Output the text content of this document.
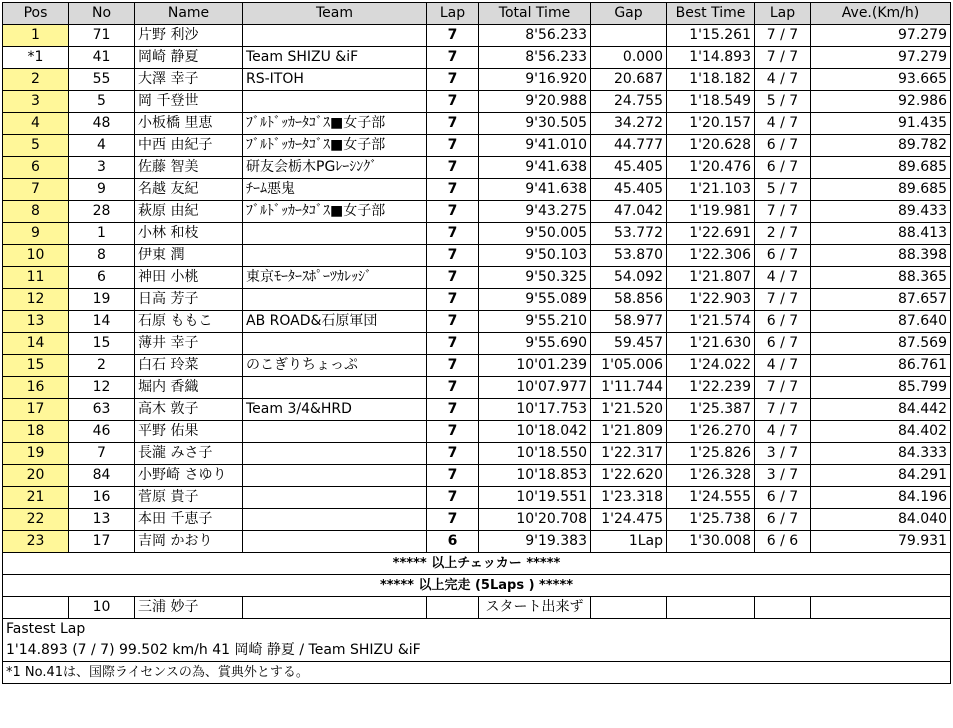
Pos	No	Name	Team	Lap	Total Time	Gap	Best Time	Lap	Ave.(Km/h)
1	71	片野 利沙		7	8'56.233		1'15.261	7 / 7	97.279
*1	41	岡崎 静夏	Team SHIZU &iF	7	8'56.233	0.000	1'14.893	7 / 7	97.279
2	55	大澤 幸子	RS-ITOH	7	9'16.920	20.687	1'18.182	4 / 7	93.665
3	5	岡 千登世		7	9'20.988	24.755	1'18.549	5 / 7	92.986
4	48	小板橋 里恵	ﾌﾞﾙﾄﾞｯｶｰﾀｺﾞｽ■女子部	7	9'30.505	34.272	1'20.157	4 / 7	91.435
5	4	中西 由紀子	ﾌﾞﾙﾄﾞｯｶｰﾀｺﾞｽ■女子部	7	9'41.010	44.777	1'20.628	6 / 7	89.782
6	3	佐藤 智美	研友会栃木PGﾚｰｼﾝｸﾞ	7	9'41.638	45.405	1'20.476	6 / 7	89.685
7	9	名越 友紀	ﾁｰﾑ悪鬼	7	9'41.638	45.405	1'21.103	5 / 7	89.685
8	28	萩原 由紀	ﾌﾞﾙﾄﾞｯｶｰﾀｺﾞｽ■女子部	7	9'43.275	47.042	1'19.981	7 / 7	89.433
9	1	小林 和枝		7	9'50.005	53.772	1'22.691	2 / 7	88.413
10	8	伊東 潤		7	9'50.103	53.870	1'22.306	6 / 7	88.398
11	6	神田 小桃	東京ﾓｰﾀｰｽﾎﾟｰﾂｶﾚｯｼﾞ	7	9'50.325	54.092	1'21.807	4 / 7	88.365
12	19	日高 芳子		7	9'55.089	58.856	1'22.903	7 / 7	87.657
13	14	石原 ももこ	AB ROAD&石原軍団	7	9'55.210	58.977	1'21.574	6 / 7	87.640
14	15	薄井 幸子		7	9'55.690	59.457	1'21.630	6 / 7	87.569
15	2	白石 玲菜	のこぎりちょっぷ	7	10'01.239	1'05.006	1'24.022	4 / 7	86.761
16	12	堀内 香織		7	10'07.977	1'11.744	1'22.239	7 / 7	85.799
17	63	高木 敦子	Team 3/4&HRD	7	10'17.753	1'21.520	1'25.387	7 / 7	84.442
18	46	平野 佑果		7	10'18.042	1'21.809	1'26.270	4 / 7	84.402
19	7	長瀧 みさ子		7	10'18.550	1'22.317	1'25.826	3 / 7	84.333
20	84	小野崎 さゆり		7	10'18.853	1'22.620	1'26.328	3 / 7	84.291
21	16	菅原 貴子		7	10'19.551	1'23.318	1'24.555	6 / 7	84.196
22	13	本田 千恵子		7	10'20.708	1'24.475	1'25.738	6 / 7	84.040
23	17	吉岡 かおり		6	9'19.383	1Lap	1'30.008	6 / 6	79.931
***** 以上チェッカー *****									
***** 以上完走 (5Laps ) *****									
	10	三浦 妙子			スタート出来ず				
Fastest Lap									
1'14.893 (7 / 7) 99.502 km/h 41 岡崎 静夏 / Team SHIZU &iF									
*1 No.41は、国際ライセンスの為、賞典外とする。									
